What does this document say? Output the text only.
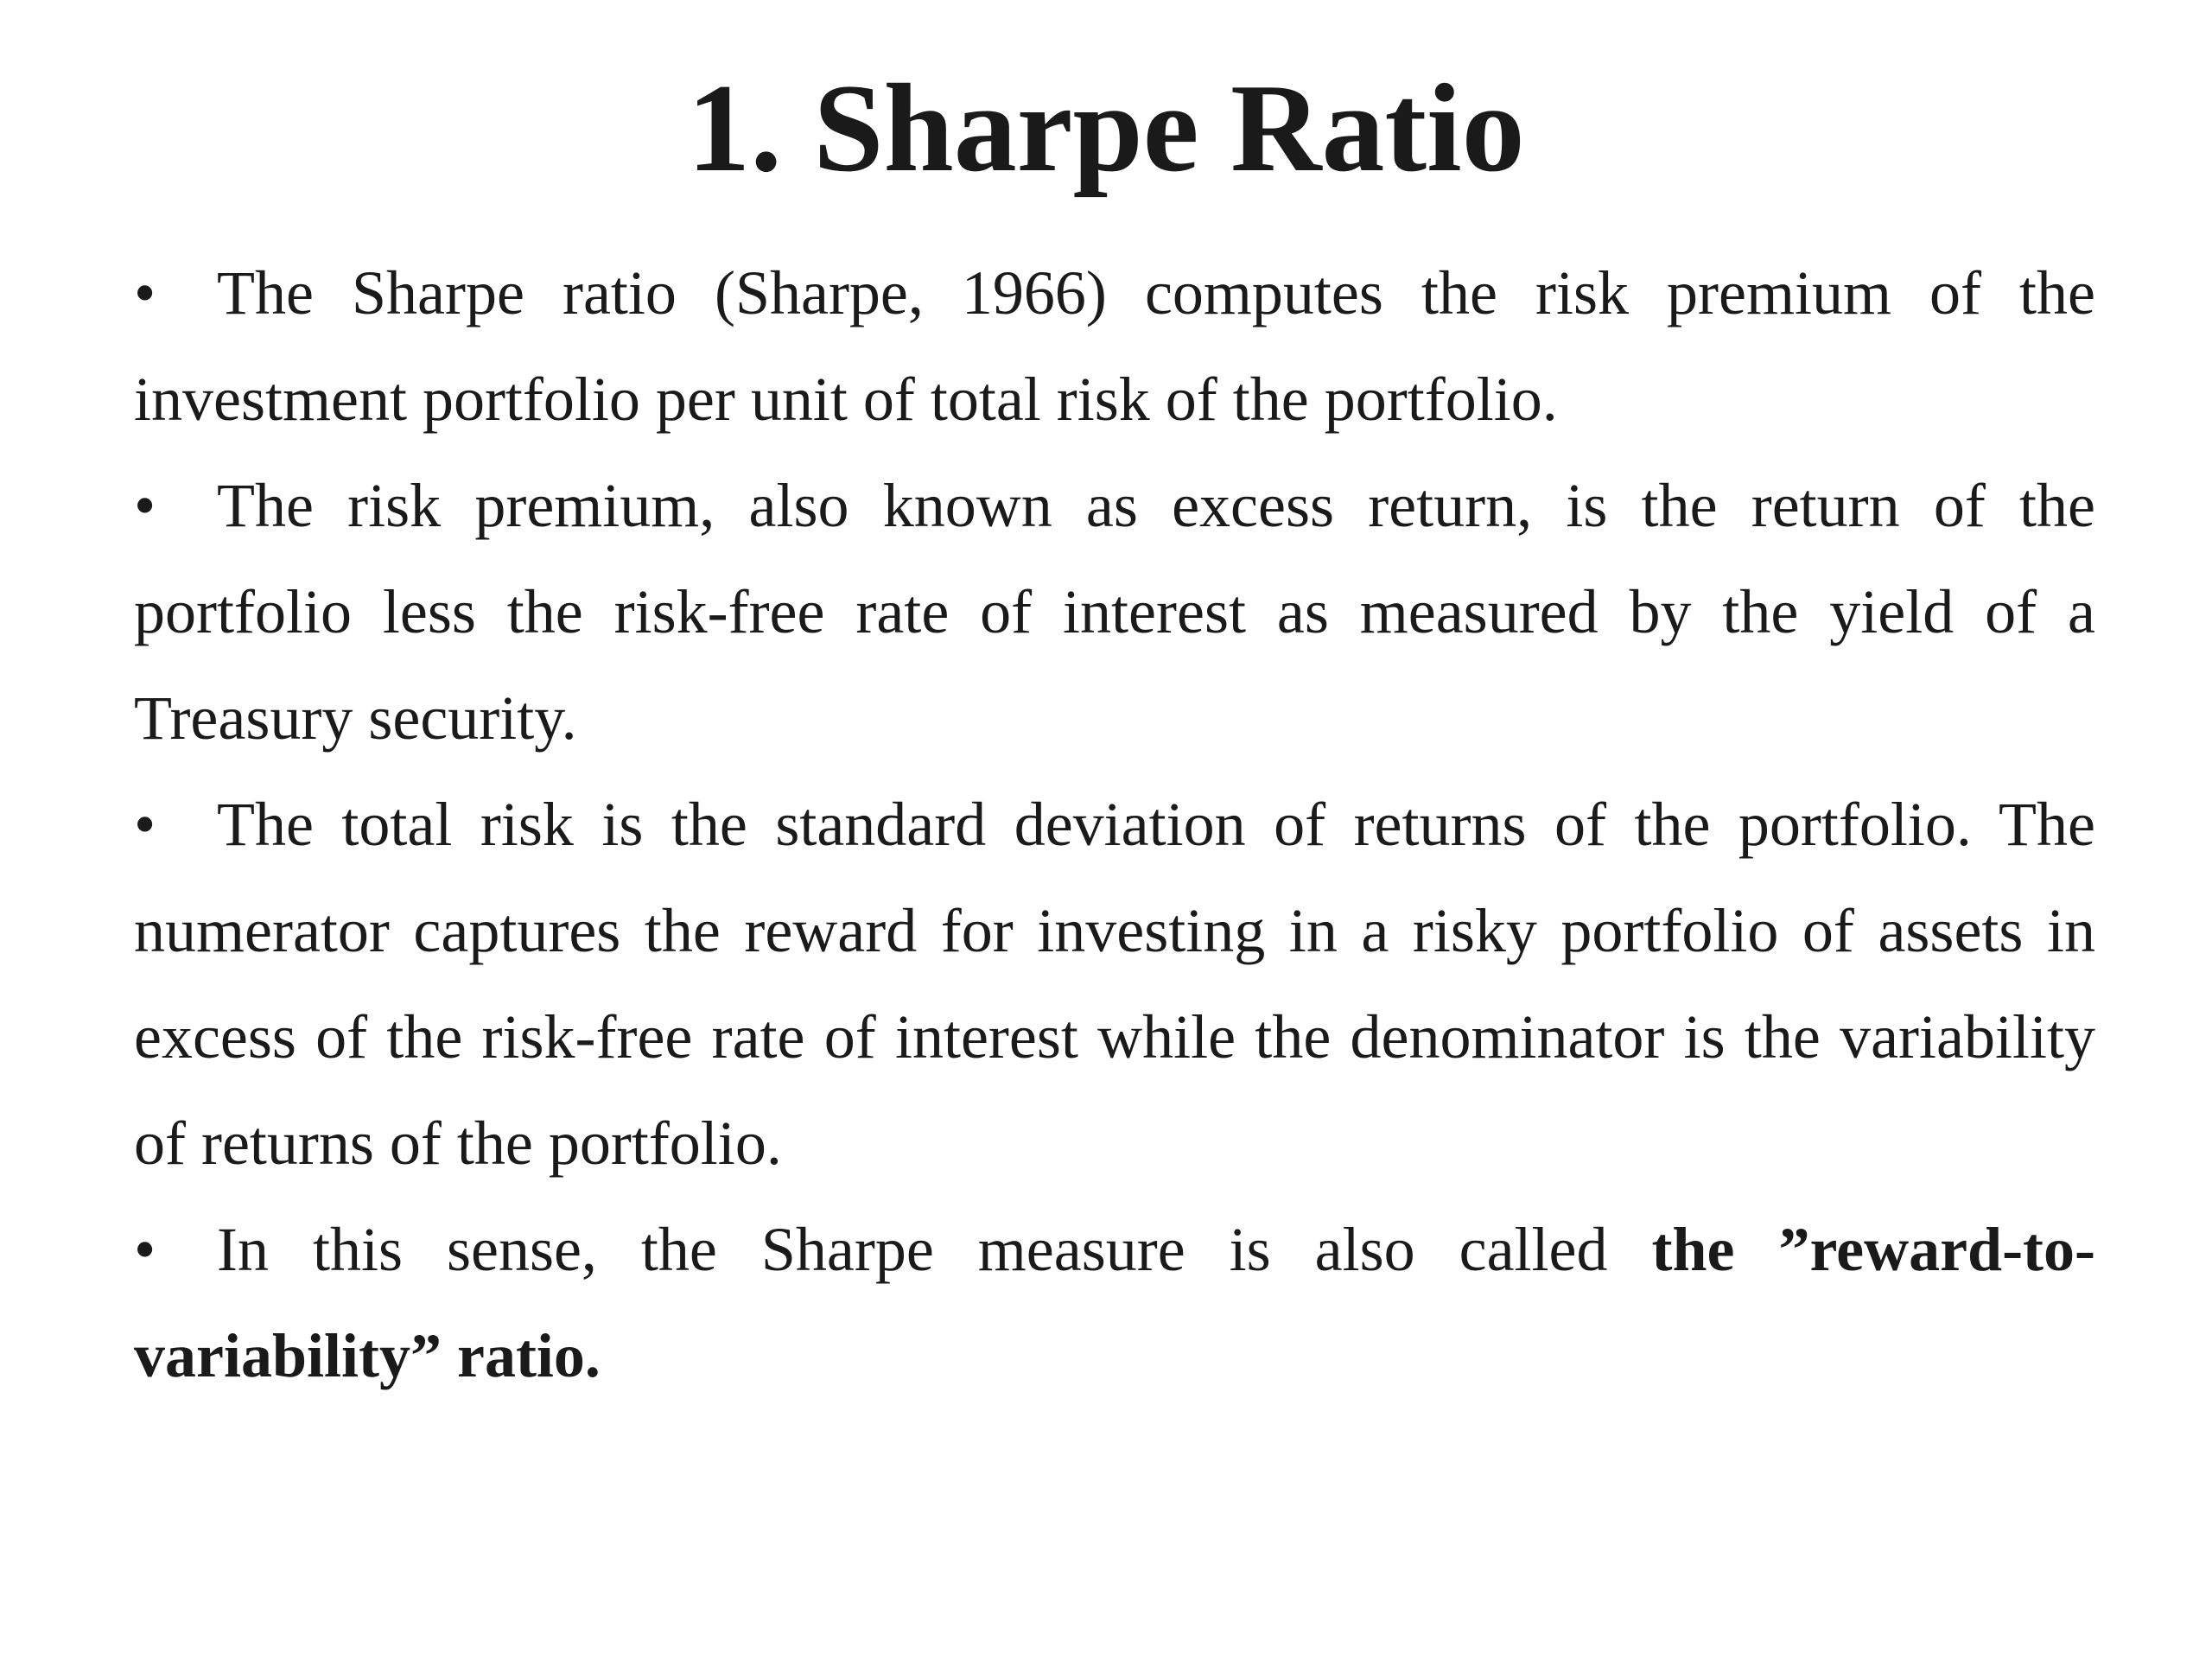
1. Sharpe Ratio

• The Sharpe ratio (Sharpe, 1966) computes the risk premium of the investment portfolio per unit of total risk of the portfolio.

• The risk premium, also known as excess return, is the return of the portfolio less the risk-free rate of interest as measured by the yield of a Treasury security.

• The total risk is the standard deviation of returns of the portfolio. The numerator captures the reward for investing in a risky portfolio of assets in excess of the risk-free rate of interest while the denominator is the variability of returns of the portfolio.

• In this sense, the Sharpe measure is also called the ”reward-to-variability” ratio.
